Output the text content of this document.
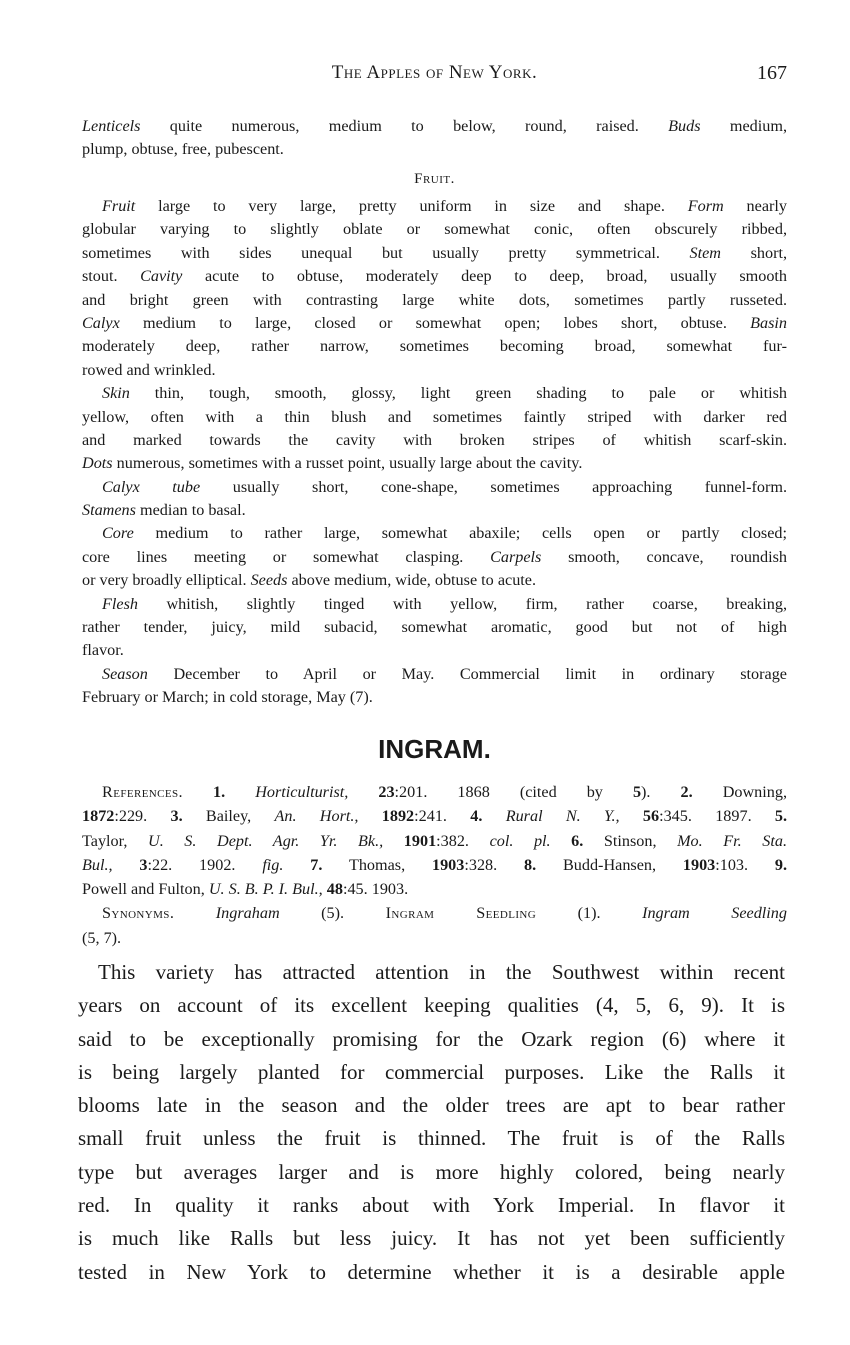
The Apples of New York.	167
Lenticels quite numerous, medium to below, round, raised. Buds medium,
plump, obtuse, free, pubescent.
Fruit.
Fruit large to very large, pretty uniform in size and shape. Form nearly
globular varying to slightly oblate or somewhat conic, often obscurely ribbed,
sometimes with sides unequal but usually pretty symmetrical. Stem short,
stout. Cavity acute to obtuse, moderately deep to deep, broad, usually smooth
and bright green with contrasting large white dots, sometimes partly russeted.
Calyx medium to large, closed or somewhat open; lobes short, obtuse. Basin
moderately deep, rather narrow, sometimes becoming broad, somewhat fur-
rowed and wrinkled.
Skin thin, tough, smooth, glossy, light green shading to pale or whitish
yellow, often with a thin blush and sometimes faintly striped with darker red
and marked towards the cavity with broken stripes of whitish scarf-skin.
Dots numerous, sometimes with a russet point, usually large about the cavity.
Calyx tube usually short, cone-shape, sometimes approaching funnel-form.
Stamens median to basal.
Core medium to rather large, somewhat abaxile; cells open or partly closed;
core lines meeting or somewhat clasping. Carpels smooth, concave, roundish
or very broadly elliptical. Seeds above medium, wide, obtuse to acute.
Flesh whitish, slightly tinged with yellow, firm, rather coarse, breaking,
rather tender, juicy, mild subacid, somewhat aromatic, good but not of high
flavor.
Season December to April or May. Commercial limit in ordinary storage
February or March; in cold storage, May (7).
INGRAM.
References. 1. Horticulturist, 23:201. 1868 (cited by 5). 2. Downing,
1872:229. 3. Bailey, An. Hort., 1892:241. 4. Rural N. Y., 56:345. 1897. 5.
Taylor, U. S. Dept. Agr. Yr. Bk., 1901:382. col. pl. 6. Stinson, Mo. Fr. Sta.
Bul., 3:22. 1902. fig. 7. Thomas, 1903:328. 8. Budd-Hansen, 1903:103. 9.
Powell and Fulton, U. S. B. P. I. Bul., 48:45. 1903.
Synonyms.	Ingraham (5). Ingram Seedling (1). Ingram Seedling
(5, 7).
This variety has attracted attention in the Southwest within recent
years on account of its excellent keeping qualities (4, 5, 6, 9). It is
said to be exceptionally promising for the Ozark region (6) where it
is being largely planted for commercial purposes. Like the Ralls it
blooms late in the season and the older trees are apt to bear rather
small fruit unless the fruit is thinned. The fruit is of the Ralls
type but averages larger and is more highly colored, being nearly
red. In quality it ranks about with York Imperial. In flavor it
is much like Ralls but less juicy. It has not yet been sufficiently
tested in New York to determine whether it is a desirable apple
